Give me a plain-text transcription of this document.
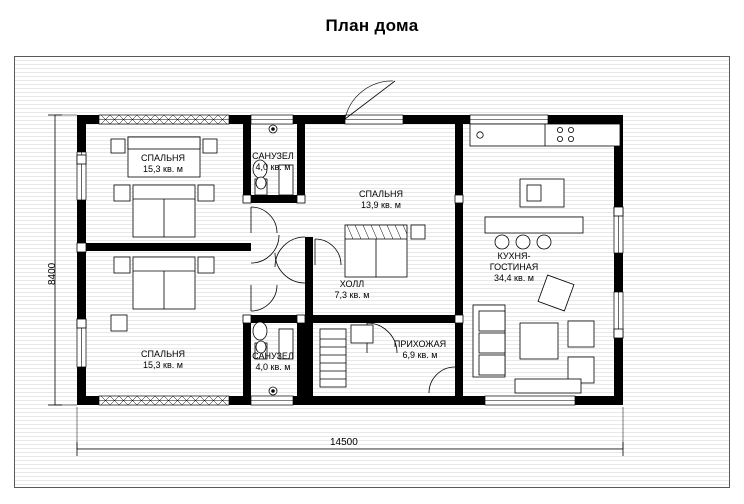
План дома
СПАЛЬНЯ
15,3 кв. м
САНУЗЕЛ
4,0 кв. м
СПАЛЬНЯ
13,9 кв. м
КУХНЯ-
ГОСТИНАЯ
34,4 кв. м
ХОЛЛ
7,3 кв. м
ПРИХОЖАЯ
6,9 кв. м
САНУЗЕЛ
4,0 кв. м
СПАЛЬНЯ
15,3 кв. м
8400
14500
